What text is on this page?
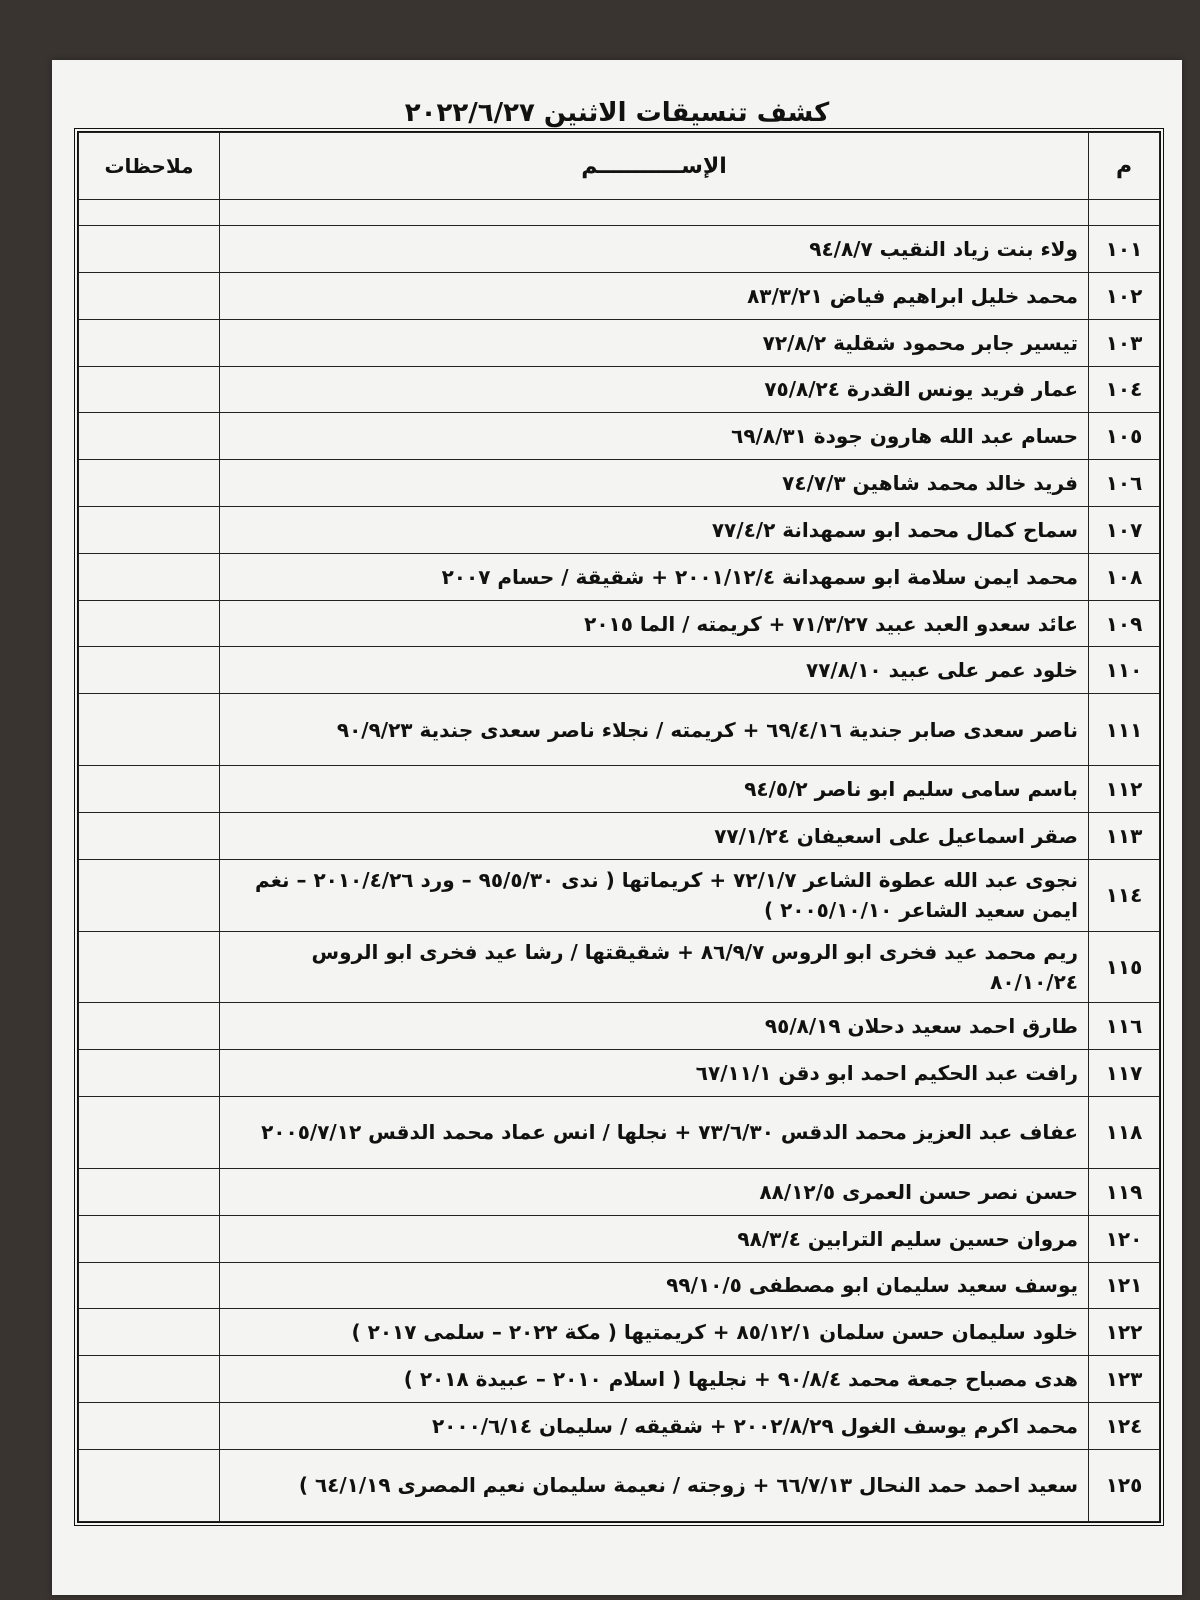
كشف تنسيقات الاثنين ٢٠٢٢/٦/٢٧
م	الإســـــــــــم	ملاحظات

١٠١	ولاء بنت زياد النقيب ٩٤/٨/٧	
١٠٢	محمد خليل ابراهيم فياض ٨٣/٣/٢١	
١٠٣	تيسير جابر محمود شقلية ٧٢/٨/٢	
١٠٤	عمار فريد يونس القدرة ٧٥/٨/٢٤	
١٠٥	حسام عبد الله هارون جودة ٦٩/٨/٣١	
١٠٦	فريد خالد محمد شاهين ٧٤/٧/٣	
١٠٧	سماح كمال محمد ابو سمهدانة ٧٧/٤/٢	
١٠٨	محمد ايمن سلامة ابو سمهدانة ٢٠٠١/١٢/٤ + شقيقة / حسام ٢٠٠٧	
١٠٩	عائد سعدو العبد عبيد ٧١/٣/٢٧ + كريمته / الما ٢٠١٥	
١١٠	خلود عمر على عبيد ٧٧/٨/١٠	
١١١	ناصر سعدى صابر جندية ٦٩/٤/١٦ + كريمته / نجلاء ناصر سعدى جندية ٩٠/٩/٢٣	
١١٢	باسم سامى سليم ابو ناصر ٩٤/٥/٢	
١١٣	صقر اسماعيل على اسعيفان ٧٧/١/٢٤	
١١٤	نجوى عبد الله عطوة الشاعر ٧٢/١/٧ + كريماتها ( ندى ٩٥/٥/٣٠ – ورد ٢٠١٠/٤/٢٦ – نغم ايمن سعيد الشاعر ٢٠٠٥/١٠/١٠ )	
١١٥	ريم محمد عيد فخرى ابو الروس ٨٦/٩/٧ + شقيقتها / رشا عيد فخرى ابو الروس ٨٠/١٠/٢٤	
١١٦	طارق احمد سعيد دحلان ٩٥/٨/١٩	
١١٧	رافت عبد الحكيم احمد ابو دقن ٦٧/١١/١	
١١٨	عفاف عبد العزيز محمد الدقس ٧٣/٦/٣٠ + نجلها / انس عماد محمد الدقس ٢٠٠٥/٧/١٢	
١١٩	حسن نصر حسن العمرى ٨٨/١٢/٥	
١٢٠	مروان حسين سليم الترابين ٩٨/٣/٤	
١٢١	يوسف سعيد سليمان ابو مصطفى ٩٩/١٠/٥	
١٢٢	خلود سليمان حسن سلمان ٨٥/١٢/١ + كريمتيها ( مكة ٢٠٢٢ – سلمى ٢٠١٧ )	
١٢٣	هدى مصباح جمعة محمد ٩٠/٨/٤ + نجليها ( اسلام ٢٠١٠ – عبيدة ٢٠١٨ )	
١٢٤	محمد اكرم يوسف الغول ٢٠٠٢/٨/٢٩ + شقيقه / سليمان ٢٠٠٠/٦/١٤	
١٢٥	سعيد احمد حمد النحال ٦٦/٧/١٣ + زوجته / نعيمة سليمان نعيم المصرى ٦٤/١/١٩ )	
